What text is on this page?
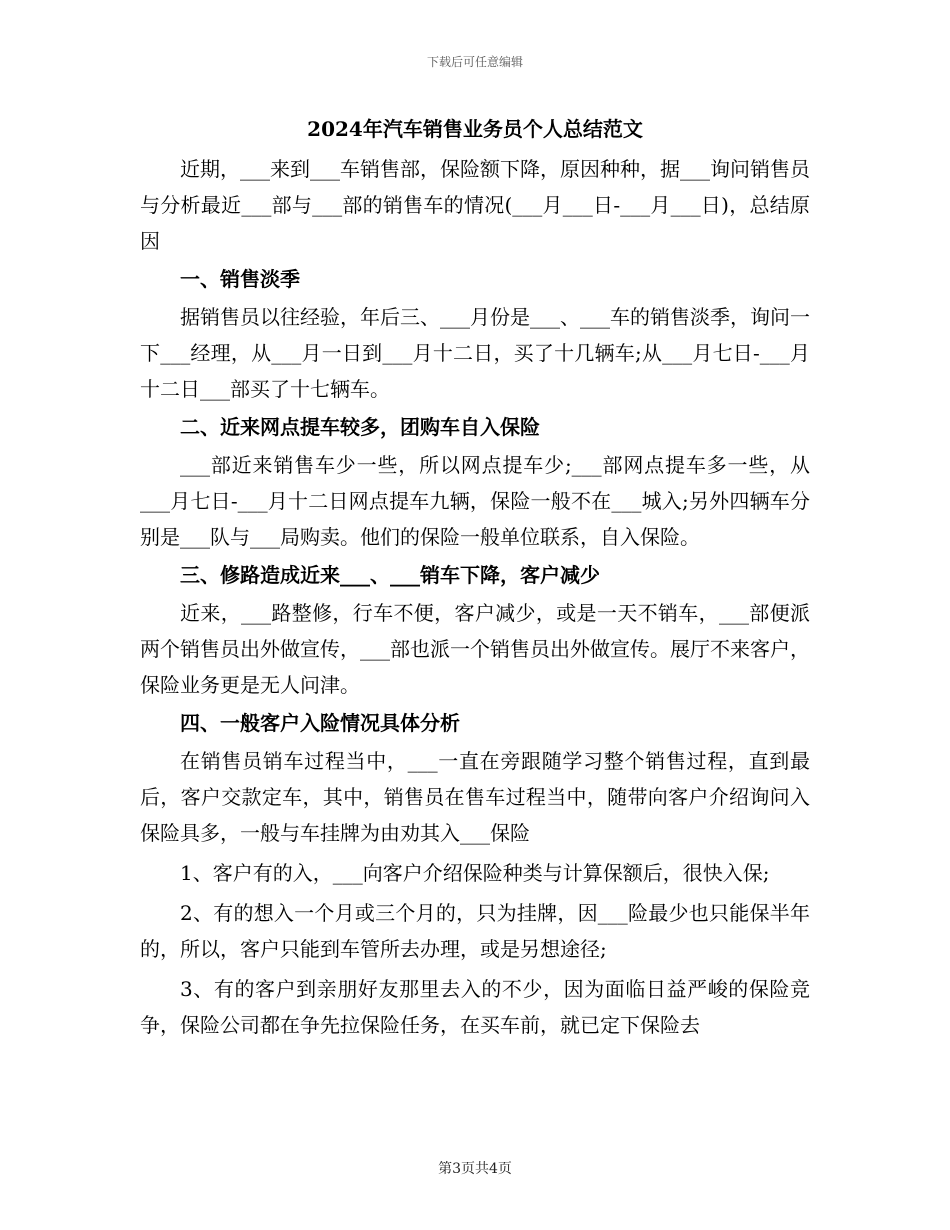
下载后可任意编辑
2024年汽车销售业务员个人总结范文

近期，___来到___车销售部，保险额下降，原因种种，据___询问销售员与分析最近___部与___部的销售车的情况(___月___日-___月___日)，总结原因

一、销售淡季

据销售员以往经验，年后三、___月份是___、___车的销售淡季，询问一下___经理，从___月一日到___月十二日，买了十几辆车;从___月七日-___月十二日___部买了十七辆车。

二、近来网点提车较多，团购车自入保险

___部近来销售车少一些，所以网点提车少;___部网点提车多一些，从___月七日-___月十二日网点提车九辆，保险一般不在___城入;另外四辆车分别是___队与___局购卖。他们的保险一般单位联系，自入保险。

三、修路造成近来___、___销车下降，客户减少

近来，___路整修，行车不便，客户减少，或是一天不销车，___部便派两个销售员出外做宣传，___部也派一个销售员出外做宣传。展厅不来客户，保险业务更是无人问津。

四、一般客户入险情况具体分析

在销售员销车过程当中，___一直在旁跟随学习整个销售过程，直到最后，客户交款定车，其中，销售员在售车过程当中，随带向客户介绍询问入保险具多，一般与车挂牌为由劝其入___保险

1、客户有的入，___向客户介绍保险种类与计算保额后，很快入保;

2、有的想入一个月或三个月的，只为挂牌，因___险最少也只能保半年的，所以，客户只能到车管所去办理，或是另想途径;

3、有的客户到亲朋好友那里去入的不少，因为面临日益严峻的保险竞争，保险公司都在争先拉保险任务，在买车前，就已定下保险去

第3页共4页
